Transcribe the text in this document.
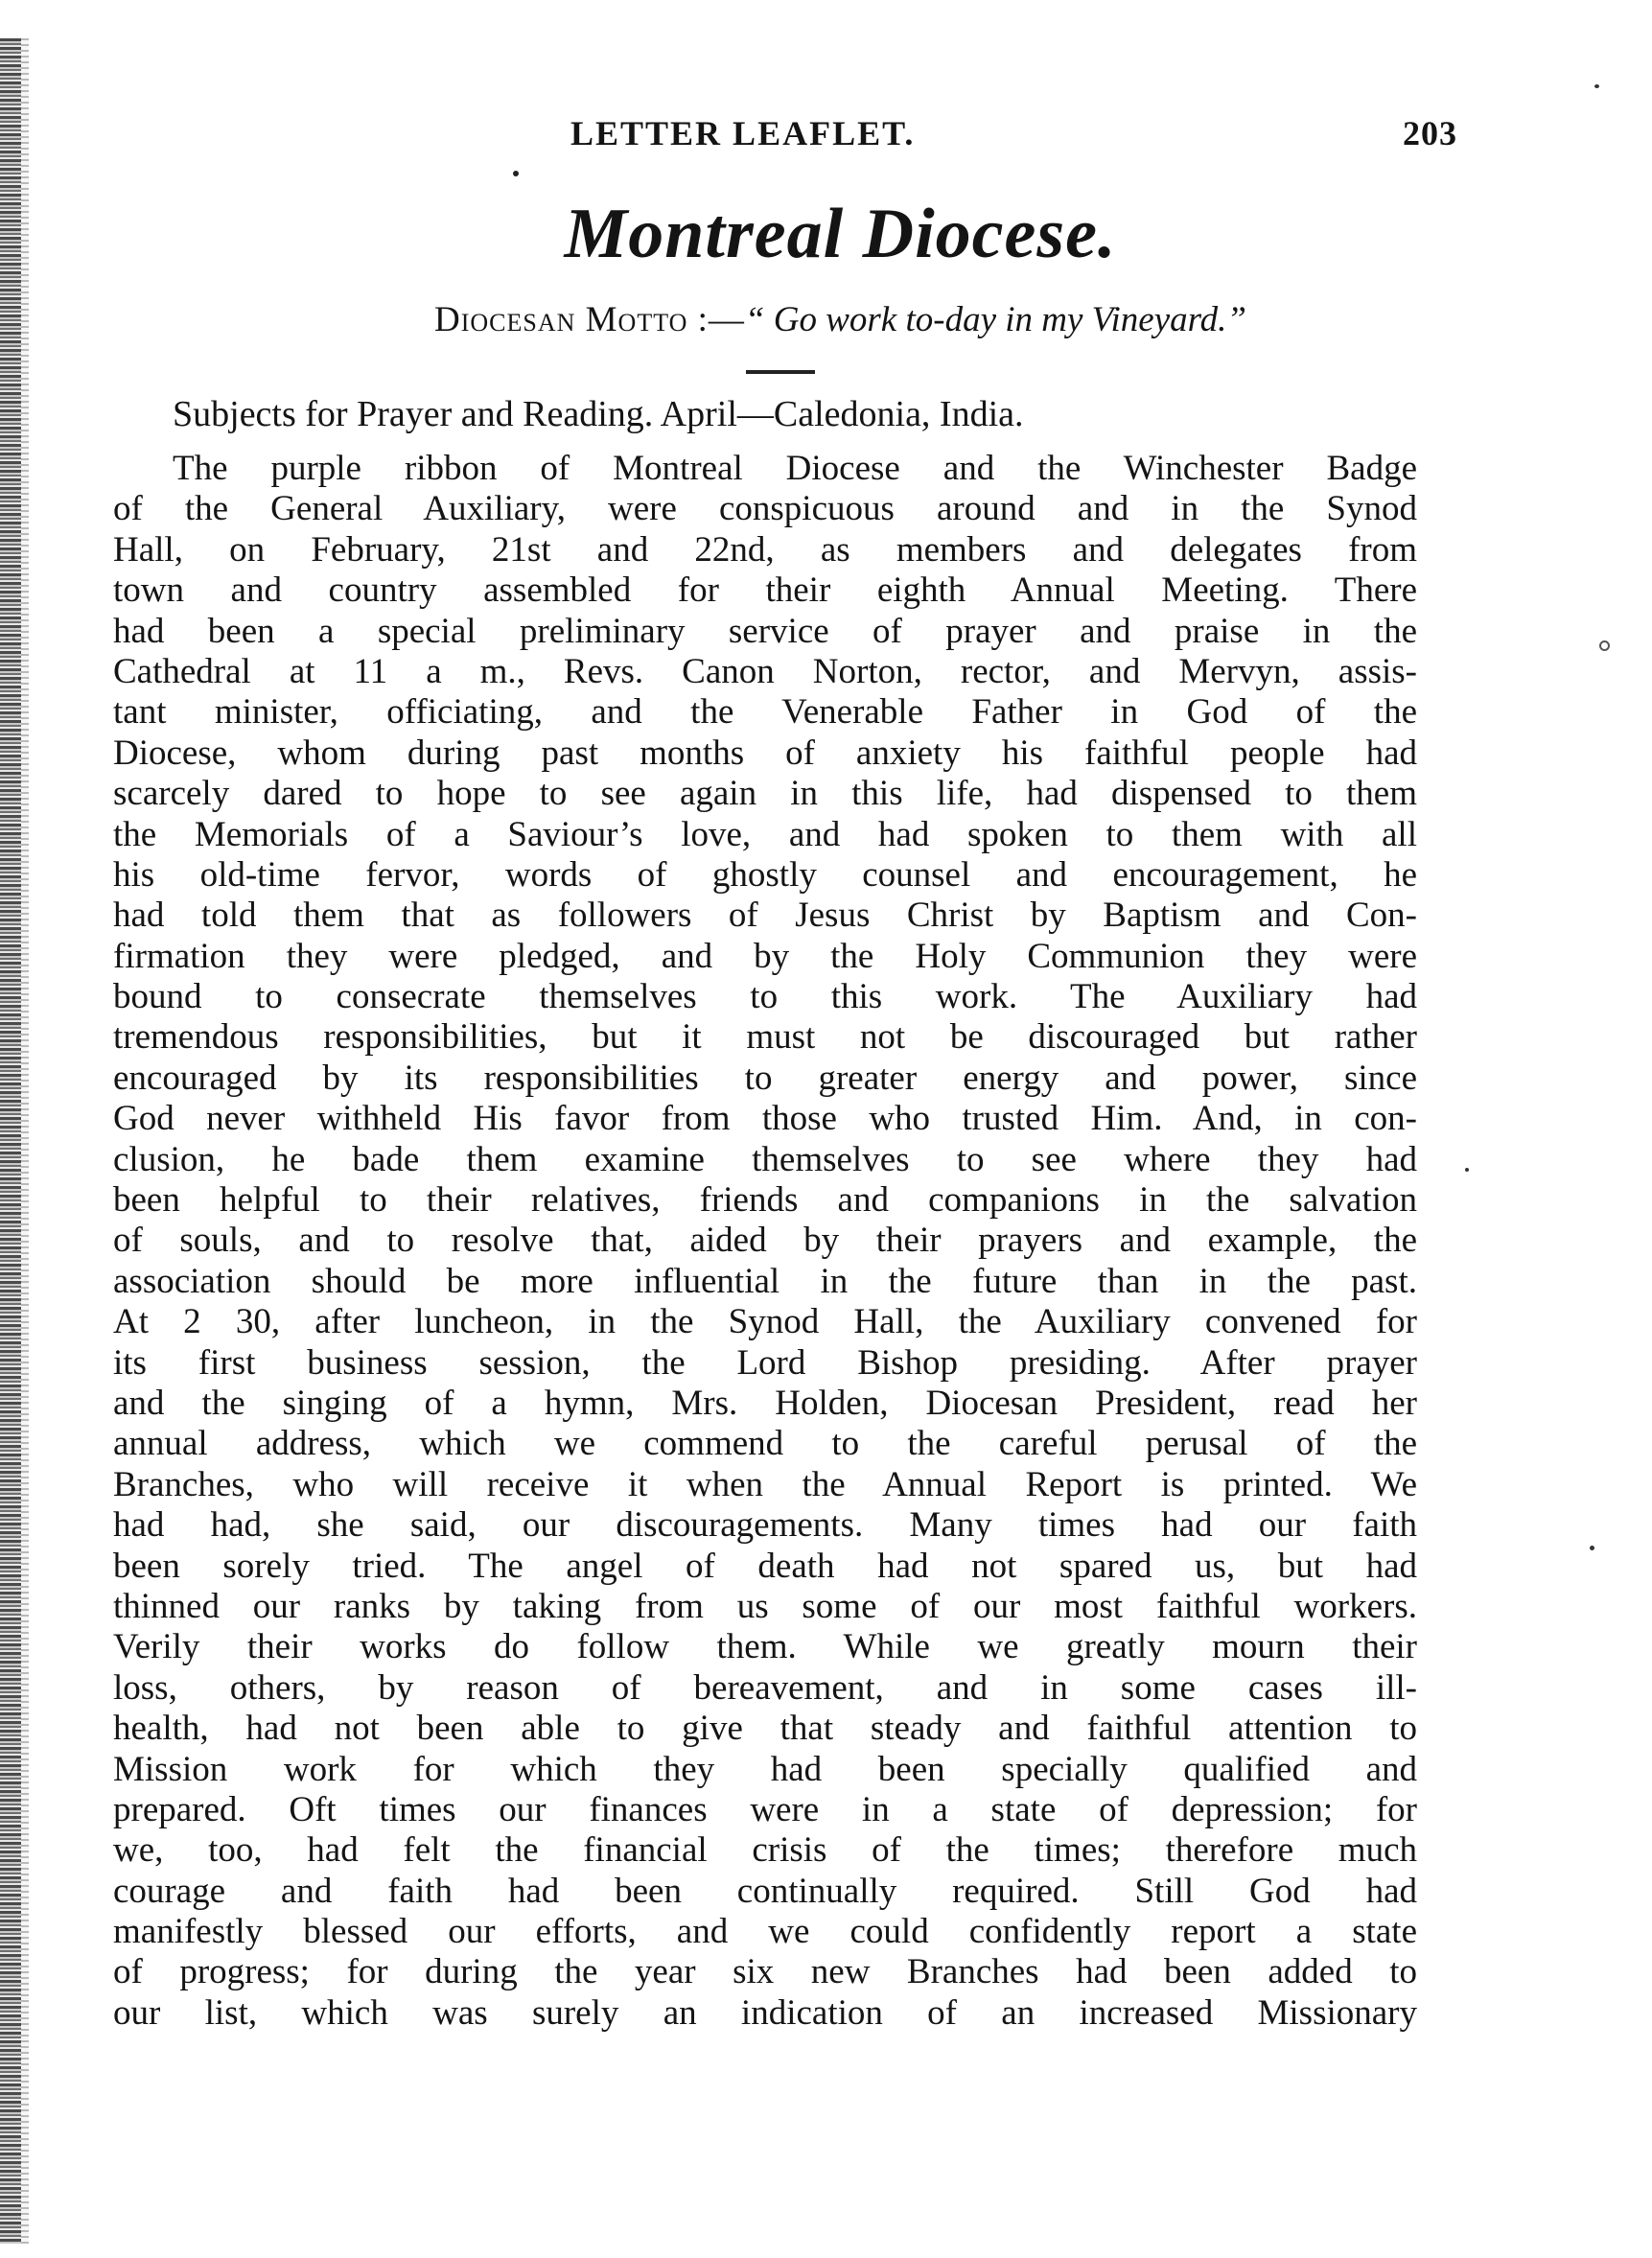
LETTER LEAFLET.	203
Montreal Diocese.
Diocesan Motto :—“ Go work to-day in my Vineyard.”
Subjects for Prayer and Reading. April—Caledonia, India.
The purple ribbon of Montreal Diocese and the Winchester Badge
of the General Auxiliary, were conspicuous around and in the Synod
Hall, on February, 21st and 22nd, as members and delegates from
town and country assembled for their eighth Annual Meeting. There
had been a special preliminary service of prayer and praise in the
Cathedral at 11 a m., Revs. Canon Norton, rector, and Mervyn, assis-
tant minister, officiating, and the Venerable Father in God of the
Diocese, whom during past months of anxiety his faithful people had
scarcely dared to hope to see again in this life, had dispensed to them
the Memorials of a Saviour’s love, and had spoken to them with all
his old-time fervor, words of ghostly counsel and encouragement, he
had told them that as followers of Jesus Christ by Baptism and Con-
firmation they were pledged, and by the Holy Communion they were
bound to consecrate themselves to this work. The Auxiliary had
tremendous responsibilities, but it must not be discouraged but rather
encouraged by its responsibilities to greater energy and power, since
God never withheld His favor from those who trusted Him. And, in con-
clusion, he bade them examine themselves to see where they had
been helpful to their relatives, friends and companions in the salvation
of souls, and to resolve that, aided by their prayers and example, the
association should be more influential in the future than in the past.
At 2 30, after luncheon, in the Synod Hall, the Auxiliary convened for
its first business session, the Lord Bishop presiding. After prayer
and the singing of a hymn, Mrs. Holden, Diocesan President, read her
annual address, which we commend to the careful perusal of the
Branches, who will receive it when the Annual Report is printed. We
had had, she said, our discouragements. Many times had our faith
been sorely tried. The angel of death had not spared us, but had
thinned our ranks by taking from us some of our most faithful workers.
Verily their works do follow them. While we greatly mourn their
loss, others, by reason of bereavement, and in some cases ill-
health, had not been able to give that steady and faithful attention to
Mission work for which they had been specially qualified and
prepared. Oft times our finances were in a state of depression; for
we, too, had felt the financial crisis of the times; therefore much
courage and faith had been continually required. Still God had
manifestly blessed our efforts, and we could confidently report a state
of progress; for during the year six new Branches had been added to
our list, which was surely an indication of an increased Missionary
